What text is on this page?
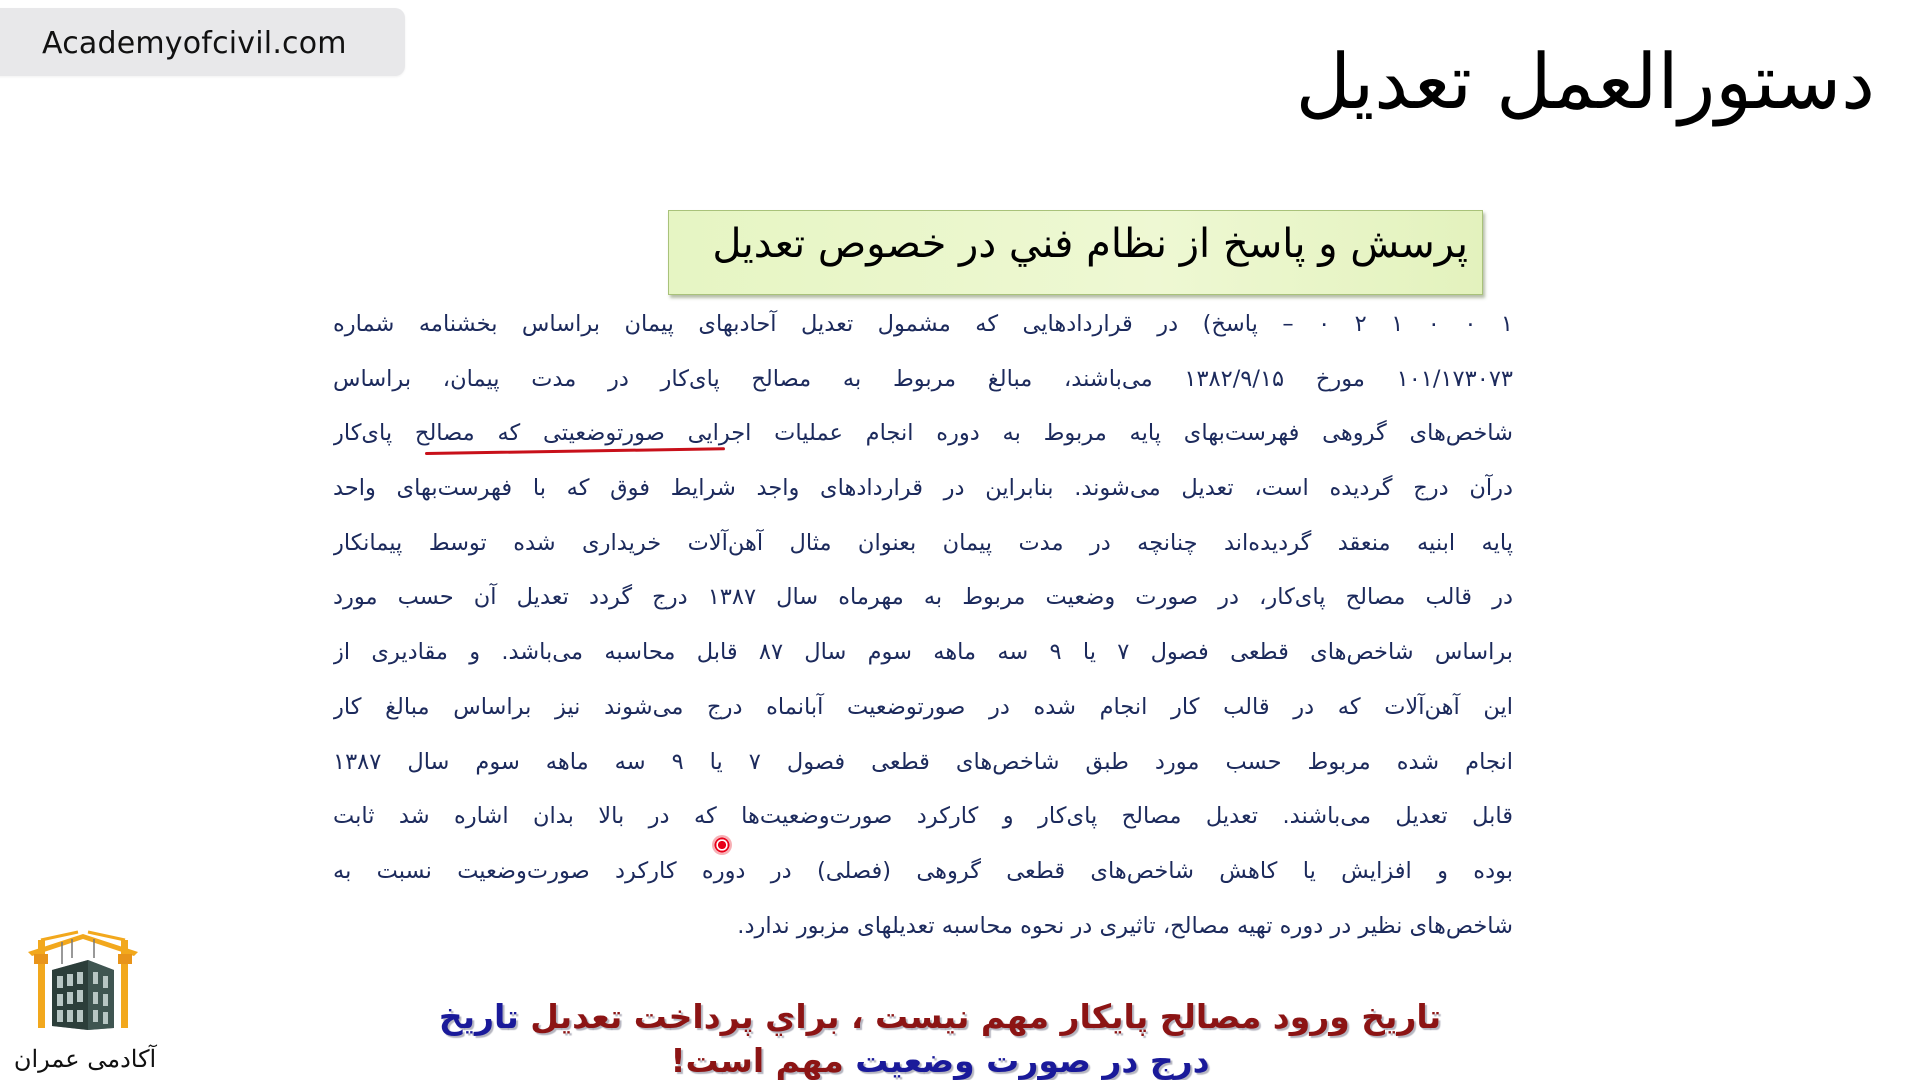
Academyofcivil.com	دستورالعمل تعدیل
پرسش و پاسخ از نظام فني در خصوص تعدیل
۱ ۰ ۰ ۱ ۲ ۰ – پاسخ) در قراردادهایی که مشمول تعدیل آحادبهای پیمان براساس بخشنامه شماره
۱۰۱/۱۷۳۰۷۳ مورخ ۱۳۸۲/۹/۱۵ می‌باشند، مبالغ مربوط به مصالح پای‌کار در مدت پیمان، براساس
شاخص‌های گروهی فهرست‌بهای پایه مربوط به دوره انجام عملیات اجرایی صورتوضعیتی که مصالح پای‌کار
درآن درج گردیده است، تعدیل می‌شوند. بنابراین در قراردادهای واجد شرایط فوق که با فهرست‌بهای واحد
پایه ابنیه منعقد گردیده‌اند چنانچه در مدت پیمان بعنوان مثال آهن‌آلات خریداری شده توسط پیمانکار
در قالب مصالح پای‌کار، در صورت وضعیت مربوط به مهرماه سال ۱۳۸۷ درج گردد تعدیل آن حسب مورد
براساس شاخص‌های قطعی فصول ۷ یا ۹ سه ماهه سوم سال ۸۷ قابل محاسبه می‌باشد. و مقادیری از
این آهن‌آلات که در قالب کار انجام شده در صورتوضعیت آبانماه درج می‌شوند نیز براساس مبالغ کار
انجام شده مربوط حسب مورد طبق شاخص‌های قطعی فصول ۷ یا ۹ سه ماهه سوم سال ۱۳۸۷
قابل تعدیل می‌باشند. تعدیل مصالح پای‌کار و کارکرد صورت‌وضعیت‌ها که در بالا بدان اشاره شد ثابت
بوده و افزایش یا کاهش شاخص‌های قطعی گروهی (فصلی) در دوره کارکرد صورت‌وضعیت نسبت به
شاخص‌های نظیر در دوره تهیه مصالح، تاثیری در نحوه محاسبه تعدیلهای مزبور ندارد.
آکادمی عمران
تاریخ ورود مصالح پایکار مهم نیست ، براي پرداخت تعدیل تاریخ درج در صورت وضعیت مهم است!
